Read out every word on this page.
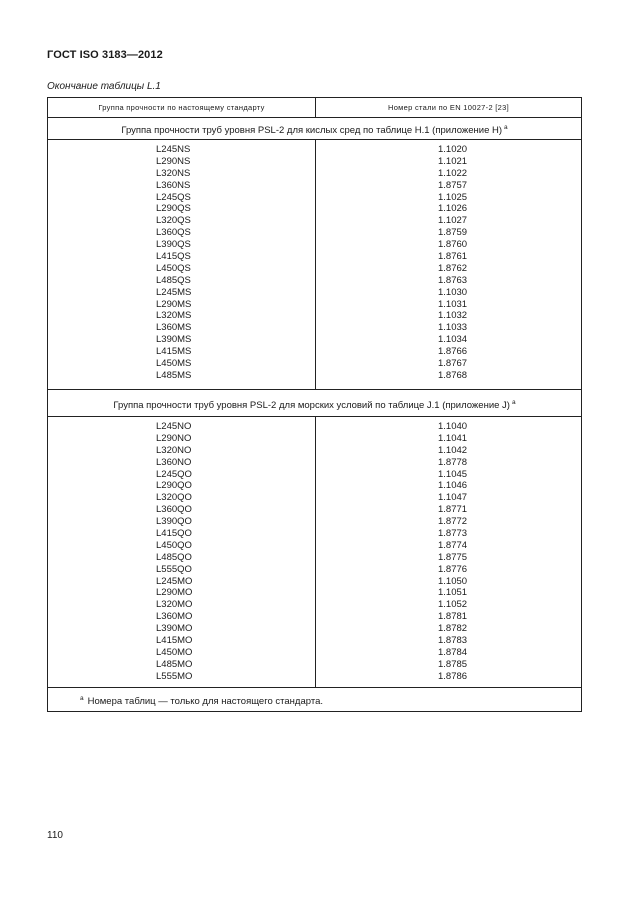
ГОСТ ISO 3183—2012
Окончание таблицы L.1
Группа прочности по настоящему стандарту	Номер стали по EN 10027-2 [23]
Группа прочности труб уровня PSL-2 для кислых сред по таблице H.1 (приложение H) $^a$
L245NS
L290NS
L320NS
L360NS
L245QS
L290QS
L320QS
L360QS
L390QS
L415QS
L450QS
L485QS
L245MS
L290MS
L320MS
L360MS
L390MS
L415MS
L450MS
L485MS
1.1020
1.1021
1.1022
1.8757
1.1025
1.1026
1.1027
1.8759
1.8760
1.8761
1.8762
1.8763
1.1030
1.1031
1.1032
1.1033
1.1034
1.8766
1.8767
1.8768
Группа прочности труб уровня PSL-2 для морских условий по таблице J.1 (приложение J) $^a$
L245NO
L290NO
L320NO
L360NO
L245QO
L290QO
L320QO
L360QO
L390QO
L415QO
L450QO
L485QO
L555QO
L245MO
L290MO
L320MO
L360MO
L390MO
L415MO
L450MO
L485MO
L555MO
1.1040
1.1041
1.1042
1.8778
1.1045
1.1046
1.1047
1.8771
1.8772
1.8773
1.8774
1.8775
1.8776
1.1050
1.1051
1.1052
1.8781
1.8782
1.8783
1.8784
1.8785
1.8786
$^a$ Номера таблиц — только для настоящего стандарта.
110
